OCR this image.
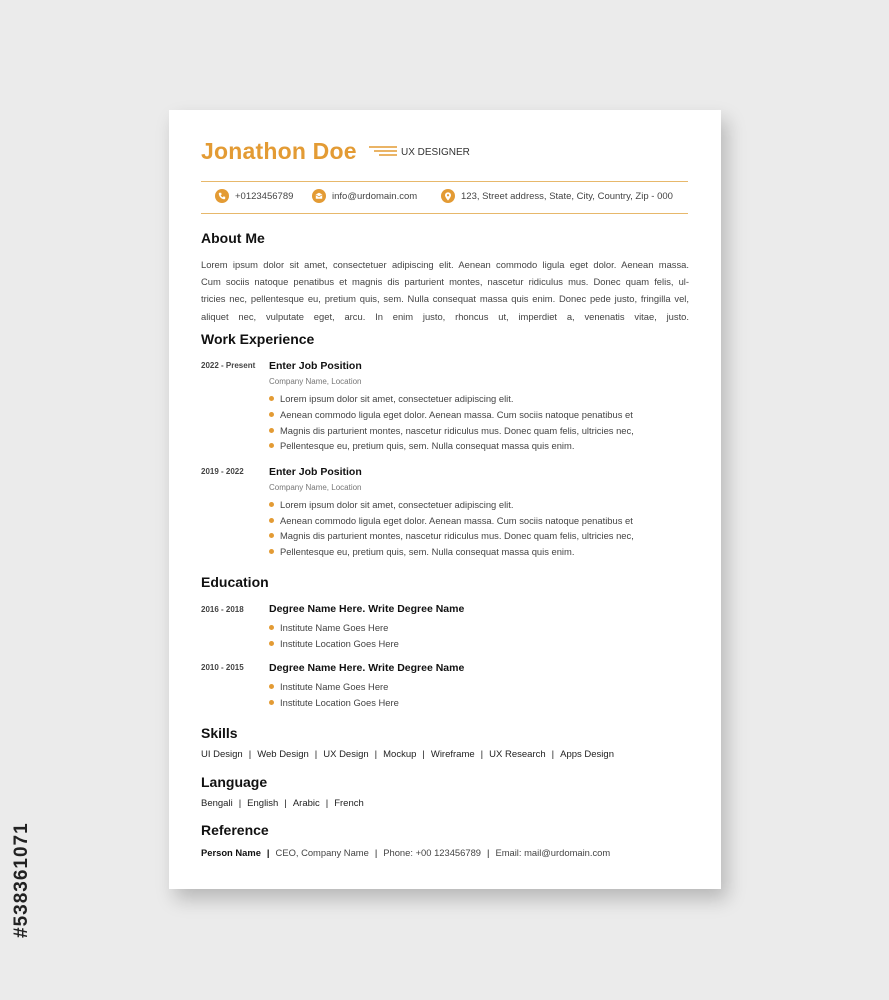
Jonathon Doe	UX DESIGNER
+0123456789	info@urdomain.com	123, Street address, State, City, Country, Zip - 000
About Me
Lorem ipsum dolor sit amet, consectetuer adipiscing elit. Aenean commodo ligula eget dolor. Aenean massa.
Cum sociis natoque penatibus et magnis dis parturient montes, nascetur ridiculus mus. Donec quam felis, ul-
tricies nec, pellentesque eu, pretium quis, sem. Nulla consequat massa quis enim. Donec pede justo, fringilla vel,
aliquet nec, vulputate eget, arcu. In enim justo, rhoncus ut, imperdiet a, venenatis vitae, justo.
Work Experience
2022 - Present Enter Job Position
Company Name, Location
Lorem ipsum dolor sit amet, consectetuer adipiscing elit.
Aenean commodo ligula eget dolor. Aenean massa. Cum sociis natoque penatibus et
Magnis dis parturient montes, nascetur ridiculus mus. Donec quam felis, ultricies nec,
Pellentesque eu, pretium quis, sem. Nulla consequat massa quis enim.
2019 - 2022 Enter Job Position
Company Name, Location
Lorem ipsum dolor sit amet, consectetuer adipiscing elit.
Aenean commodo ligula eget dolor. Aenean massa. Cum sociis natoque penatibus et
Magnis dis parturient montes, nascetur ridiculus mus. Donec quam felis, ultricies nec,
Pellentesque eu, pretium quis, sem. Nulla consequat massa quis enim.
Education
2016 - 2018 Degree Name Here. Write Degree Name
Institute Name Goes Here
Institute Location Goes Here
2010 - 2015 Degree Name Here. Write Degree Name
Institute Name Goes Here
Institute Location Goes Here
Skills
UI Design | Web Design | UX Design | Mockup | Wireframe | UX Research | Apps Design
Language
Bengali | English | Arabic | French
Reference
Person Name | CEO, Company Name | Phone: +00 123456789 | Email: mail@urdomain.com
#538361071
